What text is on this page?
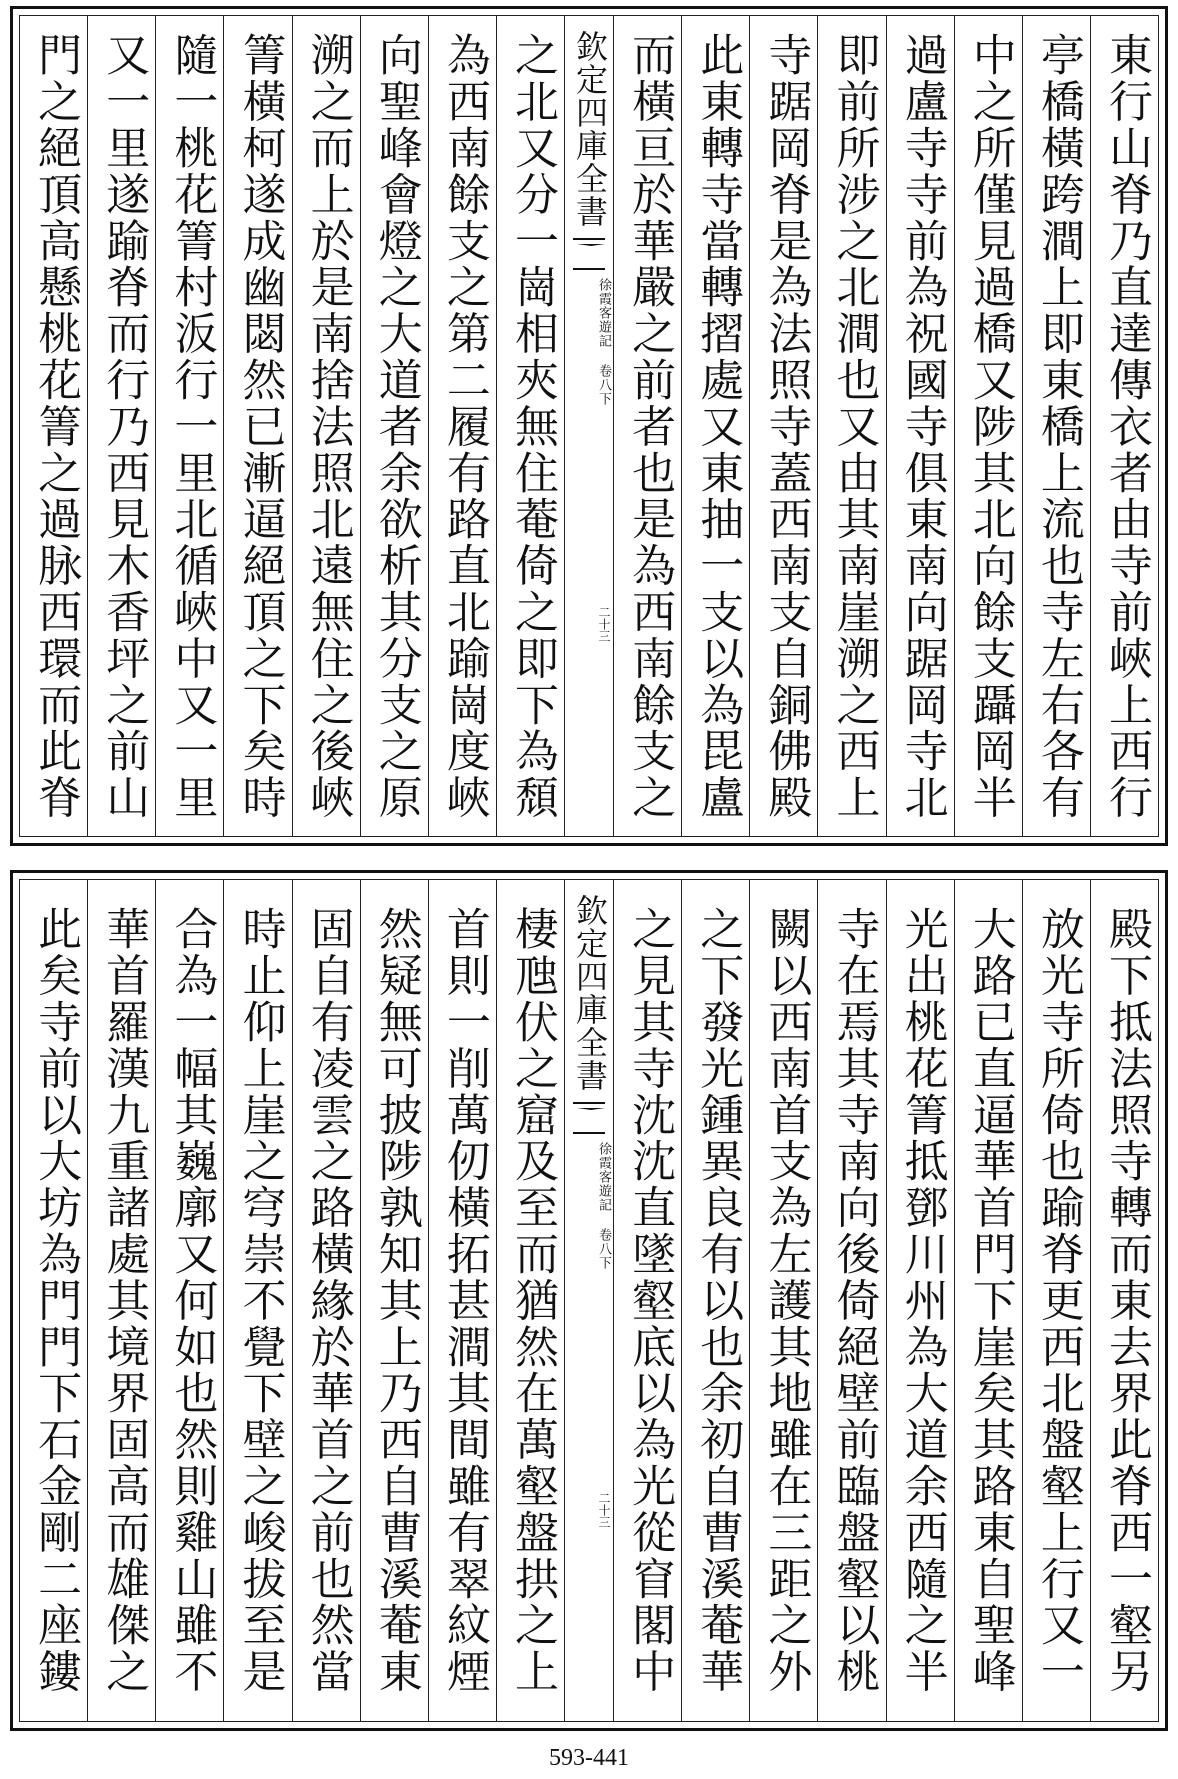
東行山脊乃直達傳衣者由寺前峽上西行
亭橋橫跨澗上即東橋上流也寺左右各有
中之所僅見過橋又陟其北向餘支躡岡半
過盧寺寺前為祝國寺俱東南向踞岡寺北
即前所涉之北澗也又由其南崖溯之西上
寺踞岡脊是為法照寺蓋西南支自銅佛殿
此東轉寺當轉摺處又東抽一支以為毘盧
而橫亘於華嚴之前者也是為西南餘支之
欽定四庫全書
徐霞客遊記 卷八下
二十三
之北又分一崗相夾無住菴倚之即下為頹
為西南餘支之第二履有路直北踰崗度峽
向聖峰會燈之大道者余欲析其分支之原
溯之而上於是南捨法照北遠無住之後峽
箐橫柯遂成幽閟然已漸逼絕頂之下矣時
隨一桃花箐村汳行一里北循峽中又一里
又一里遂踰脊而行乃西見木香坪之前山
門之絕頂高懸桃花箐之過脉西環而此脊
殿下抵法照寺轉而東去界此脊西一壑另
放光寺所倚也踰脊更西北盤壑上行又一
大路已直逼華首門下崖矣其路東自聖峰
光出桃花箐抵鄧川州為大道余西隨之半
寺在焉其寺南向後倚絕壁前臨盤壑以桃
闕以西南首支為左護其地雖在三距之外
之下發光鍾異良有以也余初自曹溪菴華
之見其寺沈沈直墜壑底以為光從窅閣中
欽定四庫全書
徐霞客遊記 卷八下
二十三
棲虺伏之窟及至而猶然在萬壑盤拱之上
首則一削萬仞橫拓甚澗其間雖有翠紋煙
然疑無可披陟孰知其上乃西自曹溪菴東
固自有凌雲之路橫緣於華首之前也然當
時止仰上崖之穹崇不覺下壁之峻拔至是
合為一幅其巍廓又何如也然則雞山雖不
華首羅漢九重諸處其境界固高而雄傑之
此矣寺前以大坊為門門下石金剛二座鏤
593-441
